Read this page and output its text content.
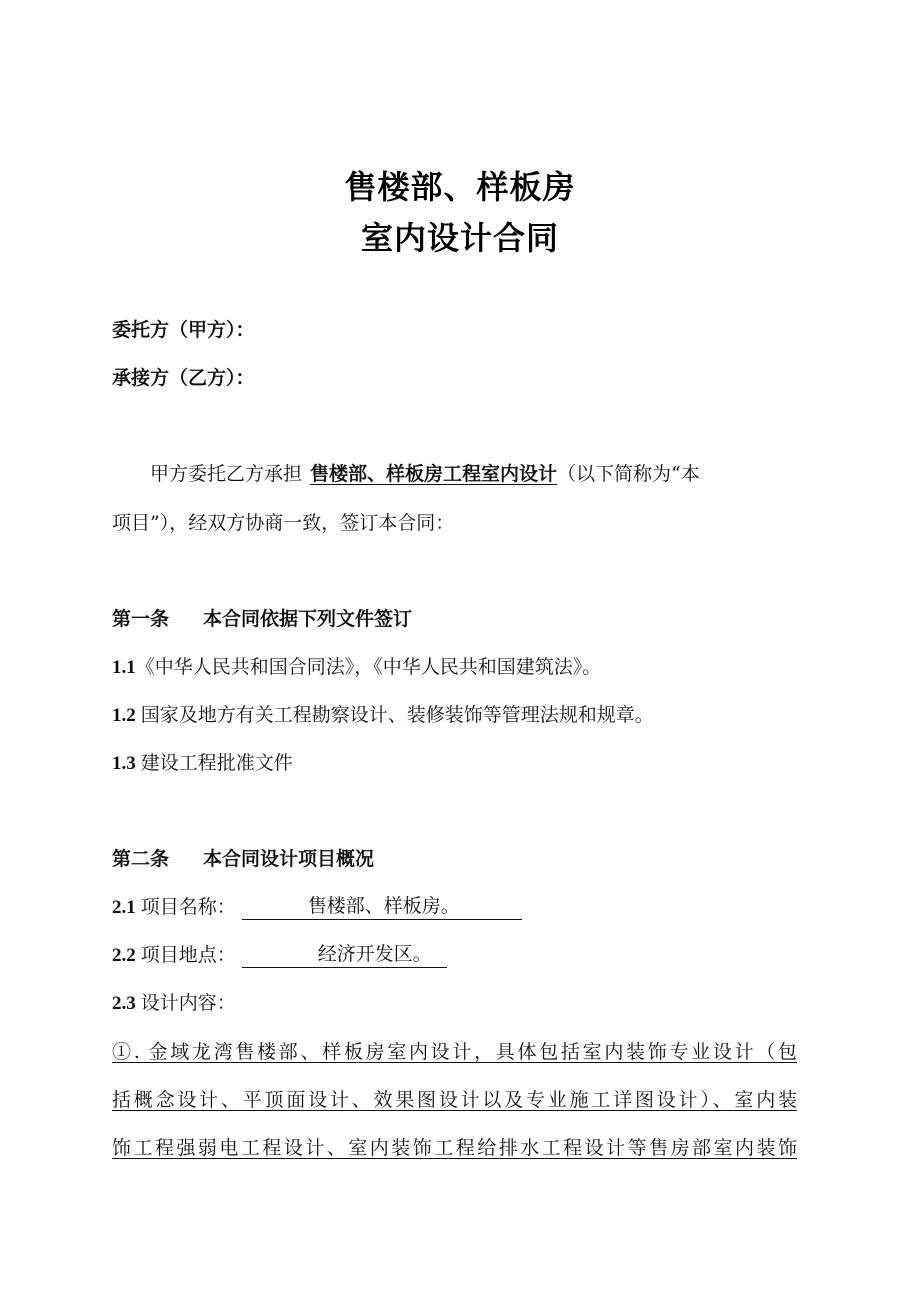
售楼部、样板房
室内设计合同
委托方（甲方）：
承接方（乙方）：
甲方委托乙方承担 售楼部、样板房工程室内设计（以下简称为“本
项目”），经双方协商一致，签订本合同：
第一条 本合同依据下列文件签订
1.1《中华人民共和国合同法》，《中华人民共和国建筑法》。
1.2 国家及地方有关工程勘察设计、装修装饰等管理法规和规章。
1.3 建设工程批准文件
第二条 本合同设计项目概况
2.1 项目名称：	售楼部、样板房。
2.2 项目地点：	经济开发区。
2.3 设计内容：
①. 金域龙湾售楼部、样板房室内设计，具体包括室内装饰专业设计（包
括概念设计、平顶面设计、效果图设计以及专业施工详图设计）、室内装
饰工程强弱电工程设计、室内装饰工程给排水工程设计等售房部室内装饰
